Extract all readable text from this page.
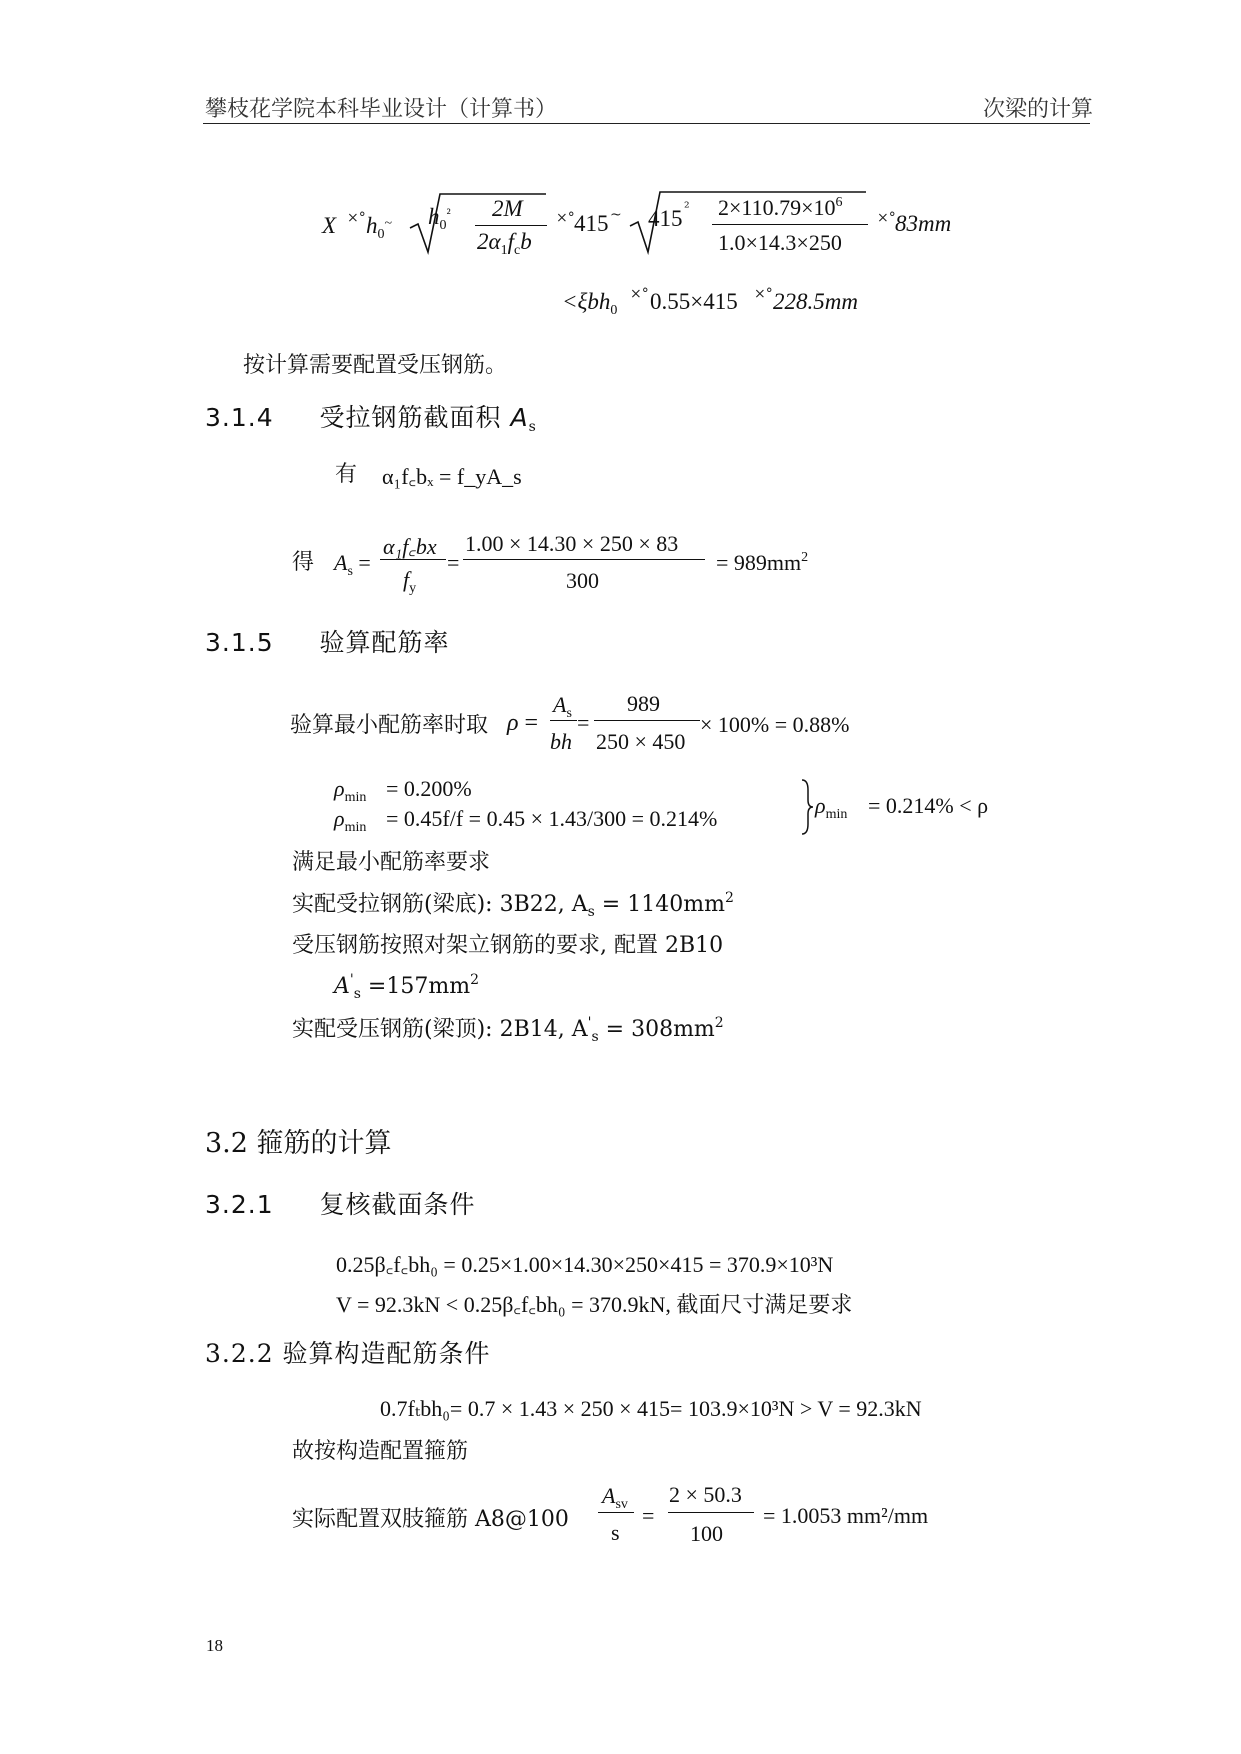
攀枝花学院本科毕业设计（计算书）	次梁的计算
X ×° $h_0^\sim$ $h_0^{^2}$ 2M
$2\alpha_1f_cb$
×° 415 ~ 415 ² $2\times 110.79\times 10^6$
1.0×14.3×250
×° 83mm
<ξbh$_0$
×° 0.55×415 ×° 228.5mm
按计算需要配置受压钢筋。
3.1.4 受拉钢筋截面积 $A_s$
有 α₁f꜀bₓ = f_yA_s
得 $A_s$ =
α₁f꜀bx
$f_y$
=
1.00 × 14.30 × 250 × 83
300
= $989mm^2$
3.1.5 验算配筋率
验算最小配筋率时取 ρ =
$A_s$
bh
=
989
250 × 450
× 100% = 0.88%
$\rho_{min} = 0.200\%$
$\rho_{min} = 0.45f/f = 0.45 \times 1.43/300 = 0.214\%$
$\rho_{min} = 0.214\% < \rho$
满足最小配筋率要求
实配受拉钢筋(梁底): 3B22, $A_s = 1140mm^2$
受压钢筋按照对架立钢筋的要求, 配置 2B10
$A'_s =157mm^2$
实配受压钢筋(梁顶): 2B14, $A'_s = 308mm^2$
3.2 箍筋的计算
3.2.1 复核截面条件
0.25β꜀f꜀bh₀ = 0.25×1.00×14.30×250×415 = 370.9×10³N
V = 92.3kN < 0.25β꜀f꜀bh₀ = 370.9kN, 截面尺寸满足要求
3.2.2 验算构造配筋条件
0.7fₜbh₀= 0.7 × 1.43 × 250 × 415= 103.9×10³N > V = 92.3kN
故按构造配置箍筋
实际配置双肢箍筋 A8@100
$A_{sv}$
s
=
2 × 50.3
100
= 1.0053 mm²/mm
18
